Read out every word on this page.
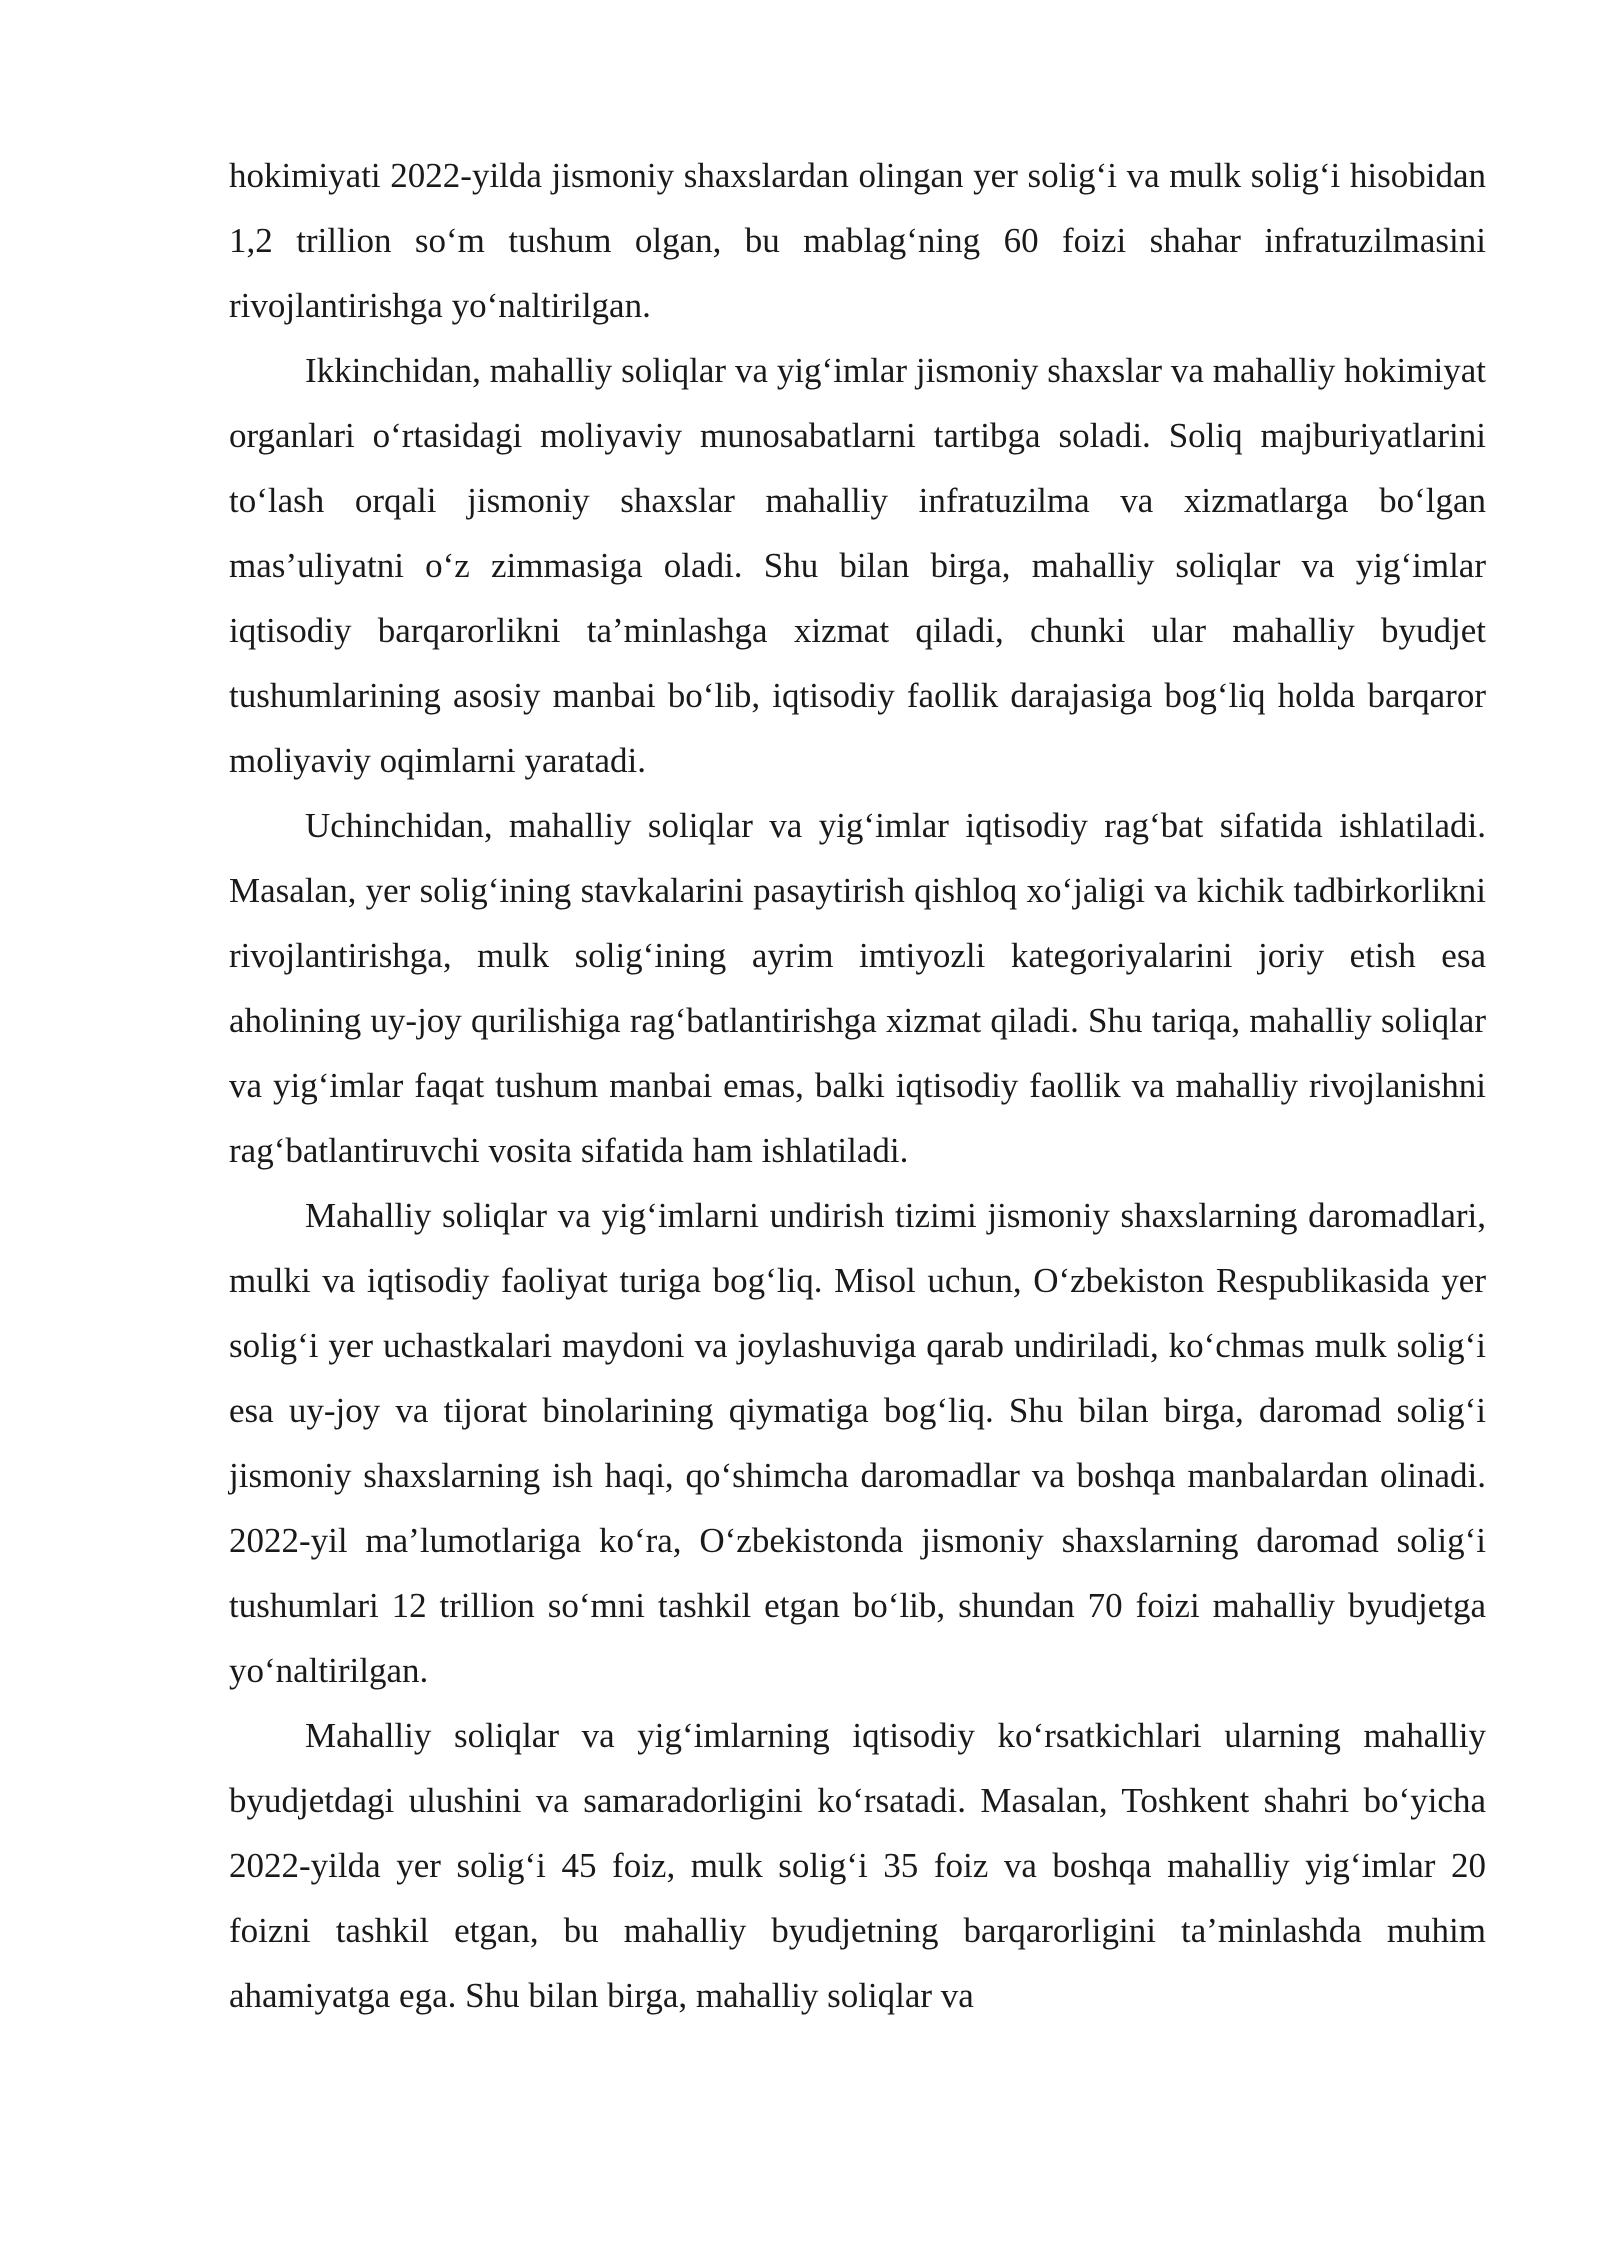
hokimiyati 2022-yilda jismoniy shaxslardan olingan yer solig‘i va mulk solig‘i hisobidan 1,2 trillion so‘m tushum olgan, bu mablag‘ning 60 foizi shahar infratuzilmasini rivojlantirishga yo‘naltirilgan.

Ikkinchidan, mahalliy soliqlar va yig‘imlar jismoniy shaxslar va mahalliy hokimiyat organlari o‘rtasidagi moliyaviy munosabatlarni tartibga soladi. Soliq majburiyatlarini to‘lash orqali jismoniy shaxslar mahalliy infratuzilma va xizmatlarga bo‘lgan mas’uliyatni o‘z zimmasiga oladi. Shu bilan birga, mahalliy soliqlar va yig‘imlar iqtisodiy barqarorlikni ta’minlashga xizmat qiladi, chunki ular mahalliy byudjet tushumlarining asosiy manbai bo‘lib, iqtisodiy faollik darajasiga bog‘liq holda barqaror moliyaviy oqimlarni yaratadi.

Uchinchidan, mahalliy soliqlar va yig‘imlar iqtisodiy rag‘bat sifatida ishlatiladi. Masalan, yer solig‘ining stavkalarini pasaytirish qishloq xo‘jaligi va kichik tadbirkorlikni rivojlantirishga, mulk solig‘ining ayrim imtiyozli kategoriyalarini joriy etish esa aholining uy-joy qurilishiga rag‘batlantirishga xizmat qiladi. Shu tariqa, mahalliy soliqlar va yig‘imlar faqat tushum manbai emas, balki iqtisodiy faollik va mahalliy rivojlanishni rag‘batlantiruvchi vosita sifatida ham ishlatiladi.

Mahalliy soliqlar va yig‘imlarni undirish tizimi jismoniy shaxslarning daromadlari, mulki va iqtisodiy faoliyat turiga bog‘liq. Misol uchun, O‘zbekiston Respublikasida yer solig‘i yer uchastkalari maydoni va joylashuviga qarab undiriladi, ko‘chmas mulk solig‘i esa uy-joy va tijorat binolarining qiymatiga bog‘liq. Shu bilan birga, daromad solig‘i jismoniy shaxslarning ish haqi, qo‘shimcha daromadlar va boshqa manbalardan olinadi. 2022-yil ma’lumotlariga ko‘ra, O‘zbekistonda jismoniy shaxslarning daromad solig‘i tushumlari 12 trillion so‘mni tashkil etgan bo‘lib, shundan 70 foizi mahalliy byudjetga yo‘naltirilgan.

Mahalliy soliqlar va yig‘imlarning iqtisodiy ko‘rsatkichlari ularning mahalliy byudjetdagi ulushini va samaradorligini ko‘rsatadi. Masalan, Toshkent shahri bo‘yicha 2022-yilda yer solig‘i 45 foiz, mulk solig‘i 35 foiz va boshqa mahalliy yig‘imlar 20 foizni tashkil etgan, bu mahalliy byudjetning barqarorligini ta’minlashda muhim ahamiyatga ega. Shu bilan birga, mahalliy soliqlar va
